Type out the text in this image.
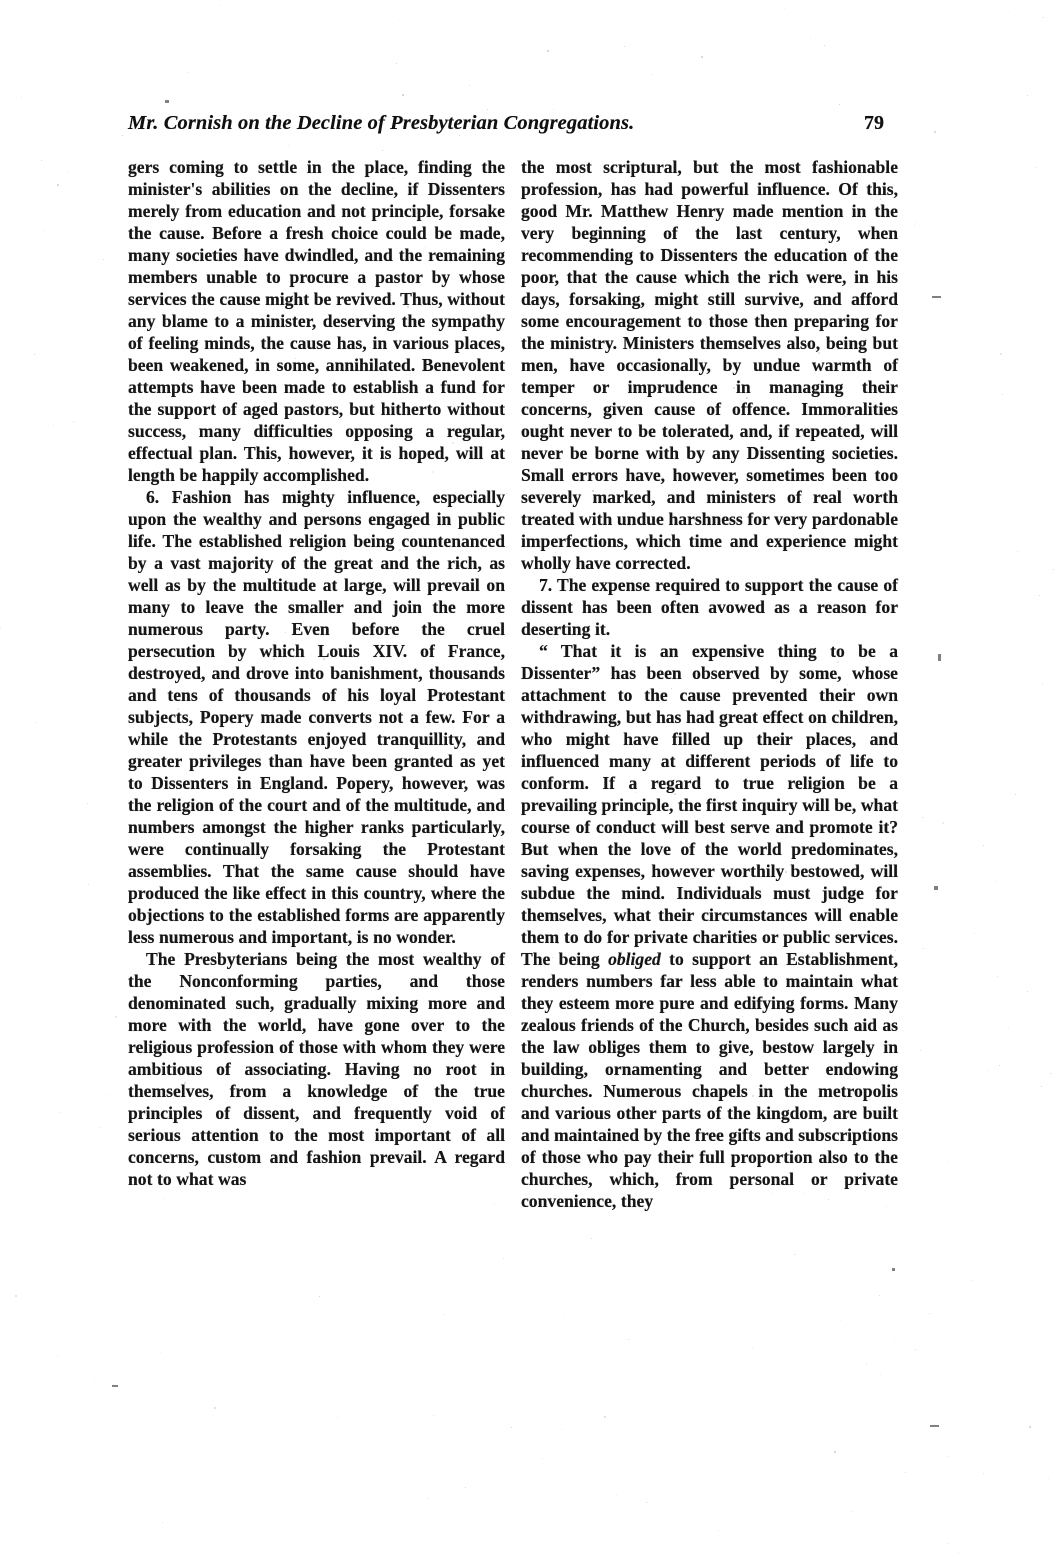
Mr. Cornish on the Decline of Presbyterian Congregations.	79

gers coming to settle in the place, finding the minister's abilities on the decline, if Dissenters merely from education and not principle, forsake the cause. Before a fresh choice could be made, many societies have dwindled, and the remaining members unable to procure a pastor by whose services the cause might be revived. Thus, without any blame to a minister, deserving the sympathy of feeling minds, the cause has, in various places, been weakened, in some, annihilated. Benevolent attempts have been made to establish a fund for the support of aged pastors, but hitherto without success, many difficulties opposing a regular, effectual plan. This, however, it is hoped, will at length be happily accomplished.

6. Fashion has mighty influence, especially upon the wealthy and persons engaged in public life. The established religion being countenanced by a vast majority of the great and the rich, as well as by the multitude at large, will prevail on many to leave the smaller and join the more numerous party. Even before the cruel persecution by which Louis XIV. of France, destroyed, and drove into banishment, thousands and tens of thousands of his loyal Protestant subjects, Popery made converts not a few. For a while the Protestants enjoyed tranquillity, and greater privileges than have been granted as yet to Dissenters in England. Popery, however, was the religion of the court and of the multitude, and numbers amongst the higher ranks particularly, were continually forsaking the Protestant assemblies. That the same cause should have produced the like effect in this country, where the objections to the established forms are apparently less numerous and important, is no wonder.

The Presbyterians being the most wealthy of the Nonconforming parties, and those denominated such, gradually mixing more and more with the world, have gone over to the religious profession of those with whom they were ambitious of associating. Having no root in themselves, from a knowledge of the true principles of dissent, and frequently void of serious attention to the most important of all concerns, custom and fashion prevail. A regard not to what was

the most scriptural, but the most fashionable profession, has had powerful influence. Of this, good Mr. Matthew Henry made mention in the very beginning of the last century, when recommending to Dissenters the education of the poor, that the cause which the rich were, in his days, forsaking, might still survive, and afford some encouragement to those then preparing for the ministry. Ministers themselves also, being but men, have occasionally, by undue warmth of temper or imprudence in managing their concerns, given cause of offence. Immoralities ought never to be tolerated, and, if repeated, will never be borne with by any Dissenting societies. Small errors have, however, sometimes been too severely marked, and ministers of real worth treated with undue harshness for very pardonable imperfections, which time and experience might wholly have corrected.

7. The expense required to support the cause of dissent has been often avowed as a reason for deserting it.

“ That it is an expensive thing to be a Dissenter” has been observed by some, whose attachment to the cause prevented their own withdrawing, but has had great effect on children, who might have filled up their places, and influenced many at different periods of life to conform. If a regard to true religion be a prevailing principle, the first inquiry will be, what course of conduct will best serve and promote it? But when the love of the world predominates, saving expenses, however worthily bestowed, will subdue the mind. Individuals must judge for themselves, what their circumstances will enable them to do for private charities or public services. The being obliged to support an Establishment, renders numbers far less able to maintain what they esteem more pure and edifying forms. Many zealous friends of the Church, besides such aid as the law obliges them to give, bestow largely in building, ornamenting and better endowing churches. Numerous chapels in the metropolis and various other parts of the kingdom, are built and maintained by the free gifts and subscriptions of those who pay their full proportion also to the churches, which, from personal or private convenience, they
